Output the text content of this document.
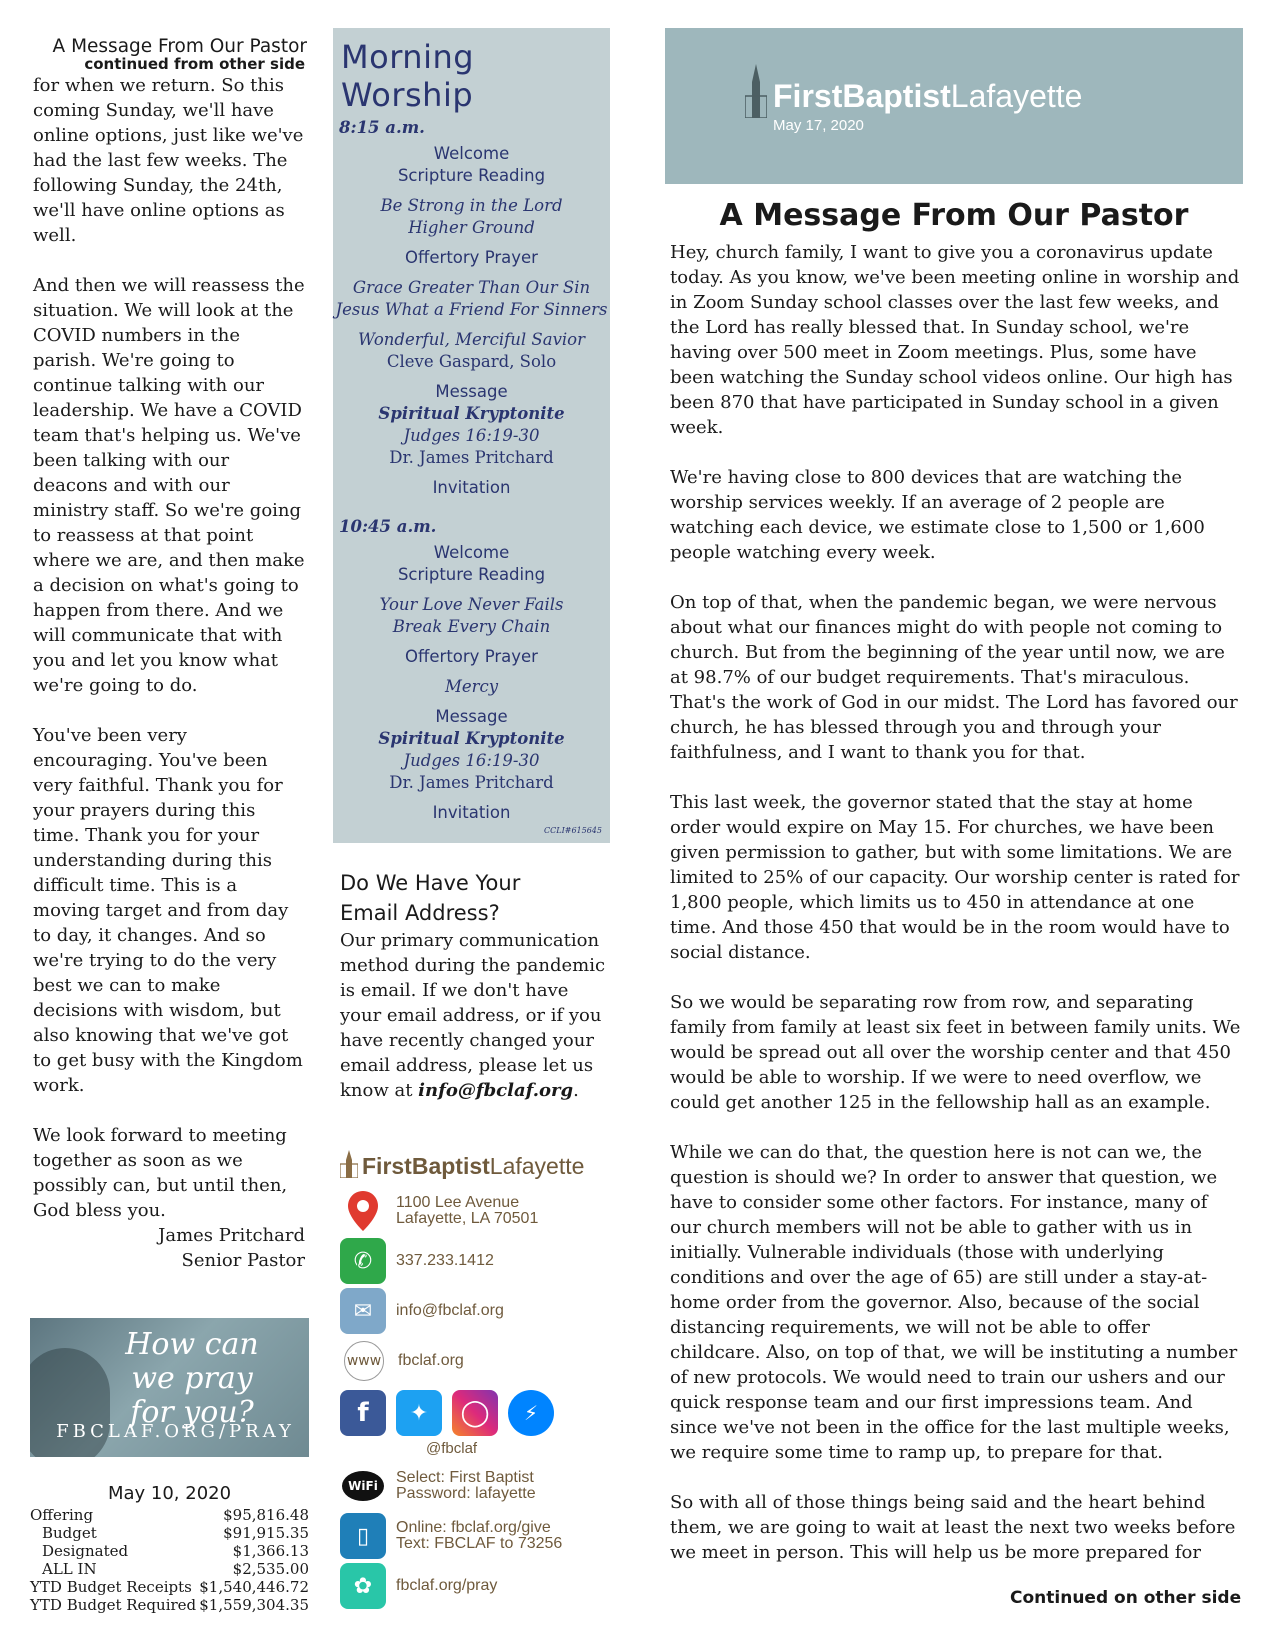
A Message From Our Pastor
continued from other side

for when we return. So this coming Sunday, we'll have online options, just like we've had the last few weeks. The following Sunday, the 24th, we'll have online options as well.

And then we will reassess the situation. We will look at the COVID numbers in the parish. We're going to continue talking with our leadership. We have a COVID team that's helping us. We've been talking with our deacons and with our ministry staff. So we're going to reassess at that point where we are, and then make a decision on what's going to happen from there. And we will communicate that with you and let you know what we're going to do.

You've been very encouraging. You've been very faithful. Thank you for your prayers during this time. Thank you for your understanding during this difficult time. This is a moving target and from day to day, it changes. And so we're trying to do the very best we can to make decisions with wisdom, but also knowing that we've got to get busy with the Kingdom work.

We look forward to meeting together as soon as we possibly can, but until then, God bless you.

James Pritchard
Senior Pastor
How can
we pray
for you?
FBCLAF.ORG/PRAY
May 10, 2020
Offering	$95,816.48
Budget	$91,915.35
Designated	$1,366.13
ALL IN	$2,535.00
YTD Budget Receipts $1,540,446.72
YTD Budget Required $1,559,304.35
Morning Worship
8:15 a.m.
Welcome
Scripture Reading
Be Strong in the Lord
Higher Ground
Offertory Prayer
Grace Greater Than Our Sin
Jesus What a Friend For Sinners
Wonderful, Merciful Savior
Cleve Gaspard, Solo
Message
Spiritual Kryptonite
Judges 16:19-30
Dr. James Pritchard
Invitation
10:45 a.m.
Welcome
Scripture Reading
Your Love Never Fails
Break Every Chain
Offertory Prayer
Mercy
Message
Spiritual Kryptonite
Judges 16:19-30
Dr. James Pritchard
Invitation
CCLI#615645
Do We Have Your
Email Address?
Our primary communication method during the pandemic is email. If we don't have your email address, or if you have recently changed your email address, please let us know at info@fbclaf.org.
FirstBaptistLafayette
1100 Lee Avenue
Lafayette, LA 70501
✆	337.233.1412
✉	info@fbclaf.org
www fbclaf.org
f	✦	◯	⚡
@fbclaf
WiFi	Select: First Baptist
Password: lafayette
▯	Online: fbclaf.org/give
Text: FBCLAF to 73256
✿	fbclaf.org/pray
FirstBaptistLafayette
May 17, 2020
A Message From Our Pastor

Hey, church family, I want to give you a coronavirus update today. As you know, we've been meeting online in worship and in Zoom Sunday school classes over the last few weeks, and the Lord has really blessed that. In Sunday school, we're having over 500 meet in Zoom meetings. Plus, some have been watching the Sunday school videos online. Our high has been 870 that have participated in Sunday school in a given week.

We're having close to 800 devices that are watching the worship services weekly. If an average of 2 people are watching each device, we estimate close to 1,500 or 1,600 people watching every week.

On top of that, when the pandemic began, we were nervous about what our finances might do with people not coming to church. But from the beginning of the year until now, we are at 98.7% of our budget requirements. That's miraculous. That's the work of God in our midst. The Lord has favored our church, he has blessed through you and through your faithfulness, and I want to thank you for that.

This last week, the governor stated that the stay at home order would expire on May 15. For churches, we have been given permission to gather, but with some limitations. We are limited to 25% of our capacity. Our worship center is rated for 1,800 people, which limits us to 450 in attendance at one time. And those 450 that would be in the room would have to social distance.

So we would be separating row from row, and separating family from family at least six feet in between family units. We would be spread out all over the worship center and that 450 would be able to worship. If we were to need overflow, we could get another 125 in the fellowship hall as an example.

While we can do that, the question here is not can we, the question is should we? In order to answer that question, we have to consider some other factors. For instance, many of our church members will not be able to gather with us in initially. Vulnerable individuals (those with underlying conditions and over the age of 65) are still under a stay-at-home order from the governor. Also, because of the social distancing requirements, we will not be able to offer childcare. Also, on top of that, we will be instituting a number of new protocols. We would need to train our ushers and our quick response team and our first impressions team. And since we've not been in the office for the last multiple weeks, we require some time to ramp up, to prepare for that.

So with all of those things being said and the heart behind them, we are going to wait at least the next two weeks before we meet in person. This will help us be more prepared for

Continued on other side
